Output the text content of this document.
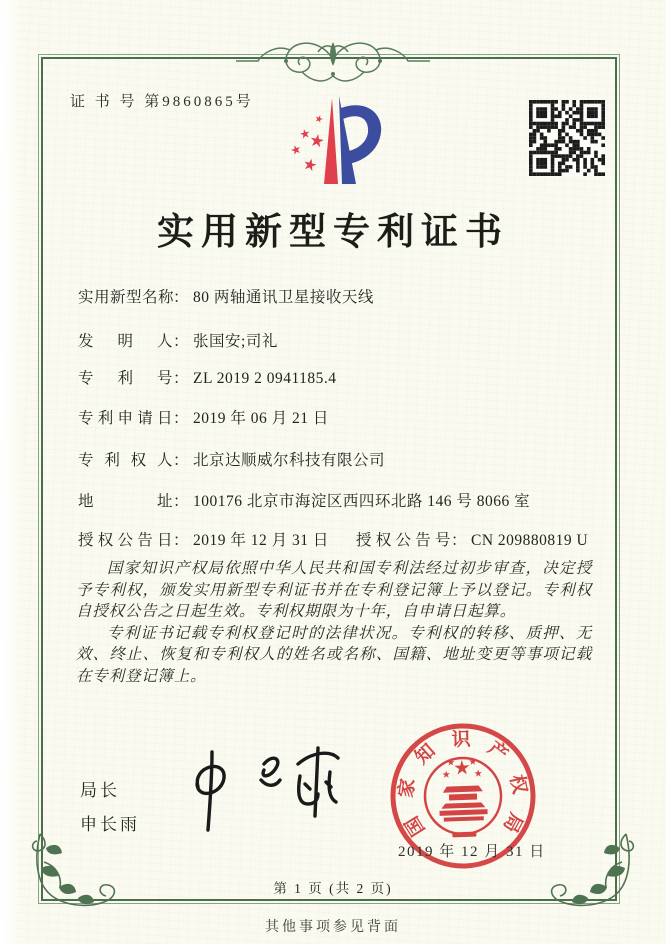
证 书 号 第9860865号
实用新型专利证书
实用新型名称： 80 两轴通讯卫星接收天线
发明人： 张国安;司礼
专利号： ZL 2019 2 0941185.4
专利申请日： 2019 年 06 月 21 日
专利权人： 北京达顺威尔科技有限公司
地址： 100176 北京市海淀区西四环北路 146 号 8066 室
授权公告日： 2019 年 12 月 31 日 授权公告号： CN 209880819 U

国家知识产权局依照中华人民共和国专利法经过初步审查，决定授予专利权，颁发实用新型专利证书并在专利登记簿上予以登记。专利权自授权公告之日起生效。专利权期限为十年，自申请日起算。

专利证书记载专利权登记时的法律状况。专利权的转移、质押、无效、终止、恢复和专利权人的姓名或名称、国籍、地址变更等事项记载在专利登记簿上。

局长
申长雨	国
家
知
识 产
权
局
2019 年 12 月 31 日
第 1 页 (共 2 页)
其他事项参见背面
